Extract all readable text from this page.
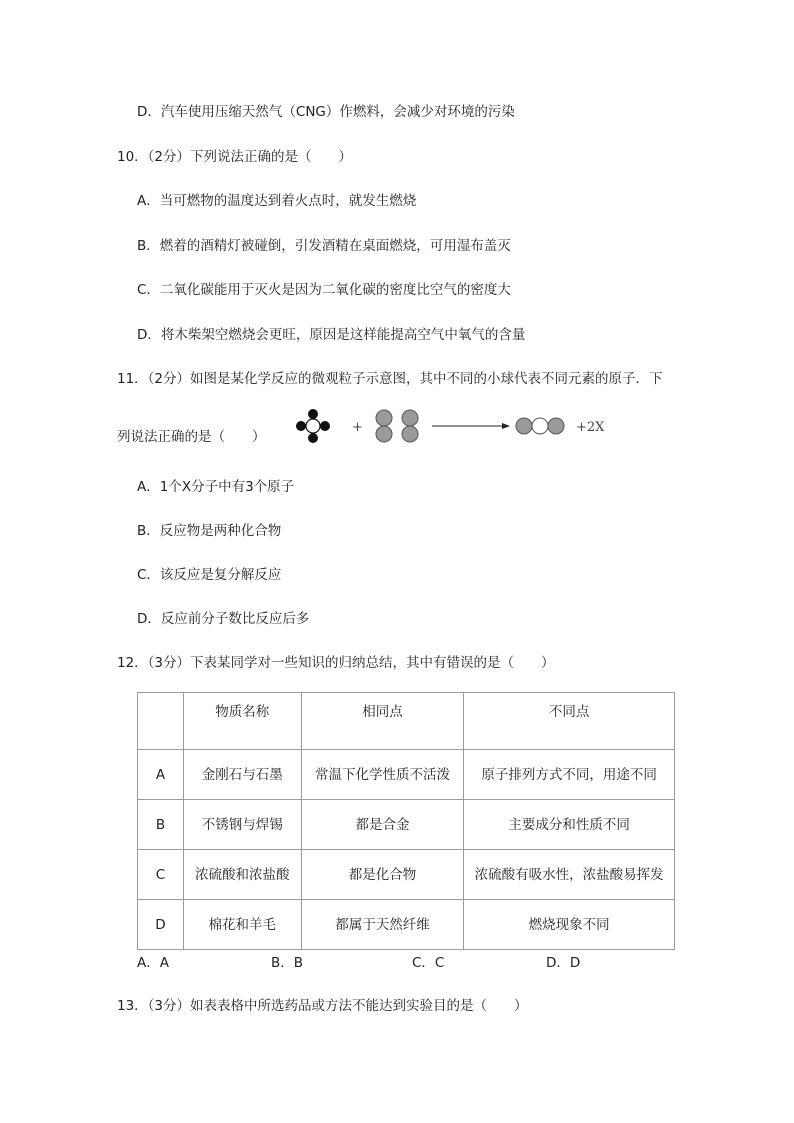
D．汽车使用压缩天然气（CNG）作燃料，会减少对环境的污染
10．（2分）下列说法正确的是（　　）
A．当可燃物的温度达到着火点时，就发生燃烧
B．燃着的酒精灯被碰倒，引发酒精在桌面燃烧，可用湿布盖灭
C．二氧化碳能用于灭火是因为二氧化碳的密度比空气的密度大
D．将木柴架空燃烧会更旺，原因是这样能提高空气中氧气的含量
11．（2分）如图是某化学反应的微观粒子示意图，其中不同的小球代表不同元素的原子．下
列说法正确的是（　　）
+	+2X
A．1个X分子中有3个原子
B．反应物是两种化合物
C．该反应是复分解反应
D．反应前分子数比反应后多
12．（3分）下表某同学对一些知识的归纳总结，其中有错误的是（　　）
	物质名称	相同点	不同点
A	金刚石与石墨	常温下化学性质不活泼	原子排列方式不同，用途不同
B	不锈钢与焊锡	都是合金	主要成分和性质不同
C	浓硫酸和浓盐酸	都是化合物	浓硫酸有吸水性，浓盐酸易挥发
D	棉花和羊毛	都属于天然纤维	燃烧现象不同
A．A	B．B	C．C	D．D
13．（3分）如表表格中所选药品或方法不能达到实验目的是（　　）
